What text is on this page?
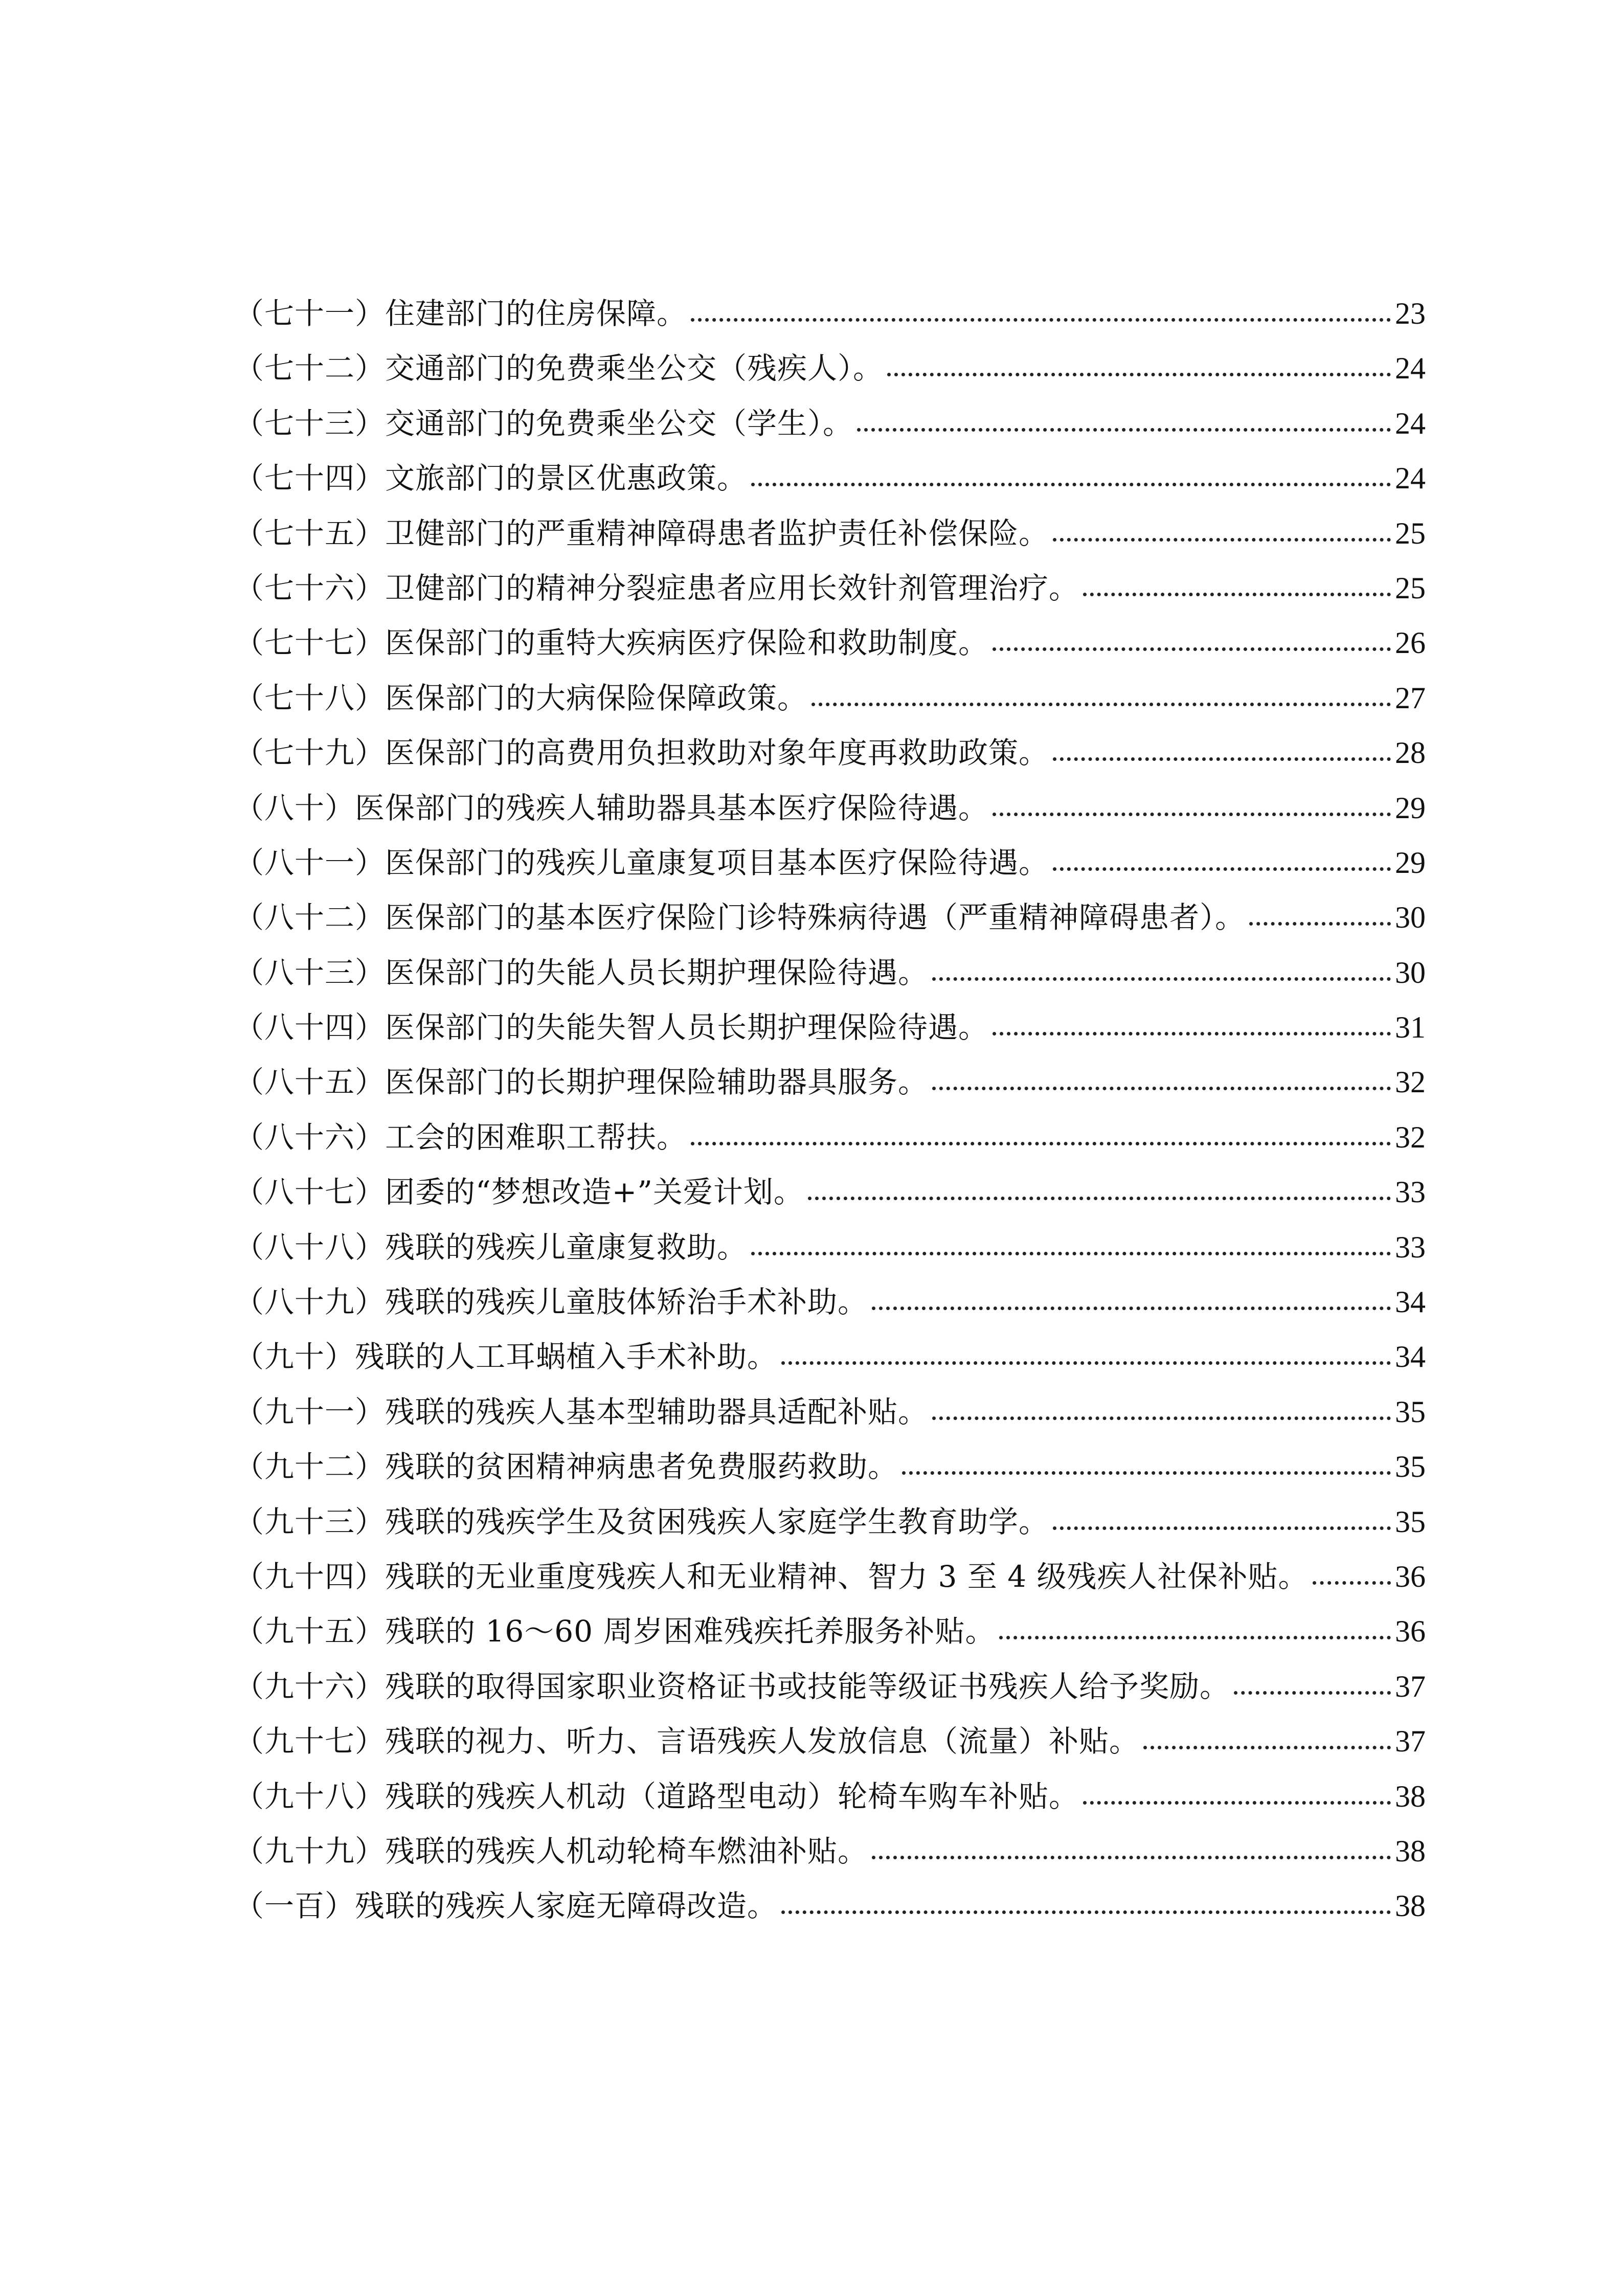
（七十一）住建部门的住房保障。	23
（七十二）交通部门的免费乘坐公交（残疾人）。	24
（七十三）交通部门的免费乘坐公交（学生）。	24
（七十四）文旅部门的景区优惠政策。	24
（七十五）卫健部门的严重精神障碍患者监护责任补偿保险。	25
（七十六）卫健部门的精神分裂症患者应用长效针剂管理治疗。	25
（七十七）医保部门的重特大疾病医疗保险和救助制度。	26
（七十八）医保部门的大病保险保障政策。	27
（七十九）医保部门的高费用负担救助对象年度再救助政策。	28
（八十）医保部门的残疾人辅助器具基本医疗保险待遇。	29
（八十一）医保部门的残疾儿童康复项目基本医疗保险待遇。	29
（八十二）医保部门的基本医疗保险门诊特殊病待遇（严重精神障碍患者）。	30
（八十三）医保部门的失能人员长期护理保险待遇。	30
（八十四）医保部门的失能失智人员长期护理保险待遇。	31
（八十五）医保部门的长期护理保险辅助器具服务。	32
（八十六）工会的困难职工帮扶。	32
（八十七）团委的“梦想改造+”关爱计划。	33
（八十八）残联的残疾儿童康复救助。	33
（八十九）残联的残疾儿童肢体矫治手术补助。	34
（九十）残联的人工耳蜗植入手术补助。	34
（九十一）残联的残疾人基本型辅助器具适配补贴。	35
（九十二）残联的贫困精神病患者免费服药救助。	35
（九十三）残联的残疾学生及贫困残疾人家庭学生教育助学。	35
（九十四）残联的无业重度残疾人和无业精神、智力 3 至 4 级残疾人社保补贴。	36
（九十五）残联的 16～60 周岁困难残疾托养服务补贴。	36
（九十六）残联的取得国家职业资格证书或技能等级证书残疾人给予奖励。	37
（九十七）残联的视力、听力、言语残疾人发放信息（流量）补贴。	37
（九十八）残联的残疾人机动（道路型电动）轮椅车购车补贴。	38
（九十九）残联的残疾人机动轮椅车燃油补贴。	38
（一百）残联的残疾人家庭无障碍改造。	38
